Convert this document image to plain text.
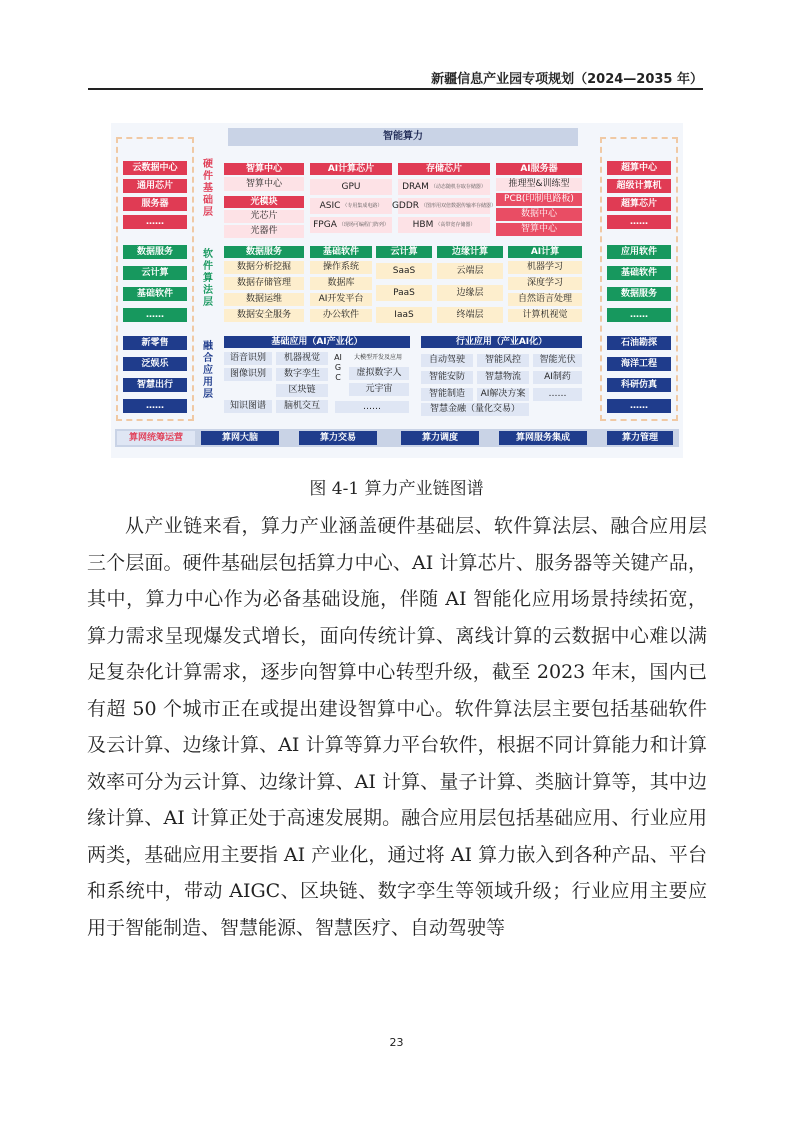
新疆信息产业园专项规划（2024—2035 年）
智能算力
云数据中心
通用芯片
服务器
……
数据服务
云计算
基础软件
……
新零售
泛娱乐
智慧出行
……
超算中心
超级计算机
超算芯片
……
应用软件
基础软件
数据服务
……
石油勘探
海洋工程
科研仿真
……
硬件基础层
软件算法层
融合应用层
智算中心
智算中心
光模块
光芯片
光器件
AI计算芯片
GPU
ASIC （专用集成电路）
FPGA （现场可编程门阵列）
存储芯片
DRAM （动态随机存取存储器）
GDDR （图形用双倍数据传输率存储器）
HBM （高带宽存储器）
AI服务器
推理型&训练型
PCB(印制电路板)
数据中心
智算中心
数据服务
数据分析挖掘
数据存储管理
数据运维
数据安全服务
基础软件
操作系统
数据库
AI开发平台
办公软件
云计算
SaaS
PaaS
IaaS
边缘计算
云端层
边缘层
终端层
AI计算
机器学习
深度学习
自然语言处理
计算机视觉
基础应用（AI产业化）
语音识别	机器视觉
图像识别	数字孪生
区块链
知识图谱	脑机交互
AIGC
大模型开发及应用
虚拟数字人
元宇宙
……
行业应用（产业AI化）
自动驾驶	智能风控	智能光伏
智能安防	智慧物流	AI制药
智能制造	AI解决方案
智慧金融（量化交易）
……
算网统筹运营	算网大脑	算力交易	算力调度	算网服务集成	算力管理
图 4-1 算力产业链图谱

从产业链来看，算力产业涵盖硬件基础层、软件算法层、融合应用层三个层面。硬件基础层包括算力中心、AI 计算芯片、服务器等关键产品，其中，算力中心作为必备基础设施，伴随 AI 智能化应用场景持续拓宽，算力需求呈现爆发式增长，面向传统计算、离线计算的云数据中心难以满足复杂化计算需求，逐步向智算中心转型升级，截至 2023 年末，国内已有超 50 个城市正在或提出建设智算中心。软件算法层主要包括基础软件及云计算、边缘计算、AI 计算等算力平台软件，根据不同计算能力和计算效率可分为云计算、边缘计算、AI 计算、量子计算、类脑计算等，其中边缘计算、AI 计算正处于高速发展期。融合应用层包括基础应用、行业应用两类，基础应用主要指 AI 产业化，通过将 AI 算力嵌入到各种产品、平台和系统中，带动 AIGC、区块链、数字孪生等领域升级；行业应用主要应用于智能制造、智慧能源、智慧医疗、自动驾驶等

23
